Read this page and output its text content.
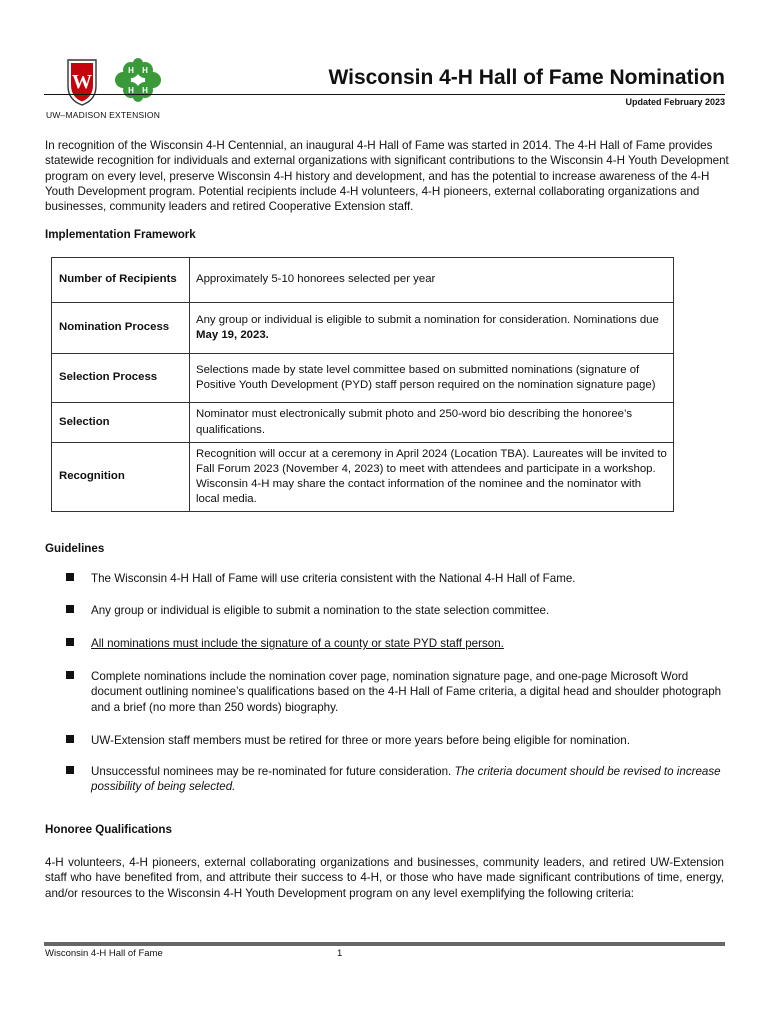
W
H H
H H
UW–MADISON EXTENSION
Wisconsin 4-H Hall of Fame Nomination
Updated February 2023
In recognition of the Wisconsin 4-H Centennial, an inaugural 4-H Hall of Fame was started in 2014. The 4-H Hall of Fame provides statewide recognition for individuals and external organizations with significant contributions to the Wisconsin 4-H Youth Development program on every level, preserve Wisconsin 4-H history and development, and has the potential to increase awareness of the 4-H Youth Development program. Potential recipients include 4-H volunteers, 4-H pioneers, external collaborating organizations and businesses, community leaders and retired Cooperative Extension staff.
Implementation Framework
Number of Recipients	Approximately 5-10 honorees selected per year
Nomination Process	Any group or individual is eligible to submit a nomination for consideration. Nominations due May 19, 2023.
Selection Process	Selections made by state level committee based on submitted nominations (signature of Positive Youth Development (PYD) staff person required on the nomination signature page)
Selection	Nominator must electronically submit photo and 250-word bio describing the honoree’s qualifications.
Recognition	Recognition will occur at a ceremony in April 2024 (Location TBA). Laureates will be invited to Fall Forum 2023 (November 4, 2023) to meet with attendees and participate in a workshop. Wisconsin 4-H may share the contact information of the nominee and the nominator with local media.
Guidelines
The Wisconsin 4-H Hall of Fame will use criteria consistent with the National 4-H Hall of Fame.
Any group or individual is eligible to submit a nomination to the state selection committee.
All nominations must include the signature of a county or state PYD staff person.
Complete nominations include the nomination cover page, nomination signature page, and one-page Microsoft Word document outlining nominee’s qualifications based on the 4-H Hall of Fame criteria, a digital head and shoulder photograph and a brief (no more than 250 words) biography.
UW-Extension staff members must be retired for three or more years before being eligible for nomination.
Unsuccessful nominees may be re-nominated for future consideration. The criteria document should be revised to increase possibility of being selected.
Honoree Qualifications
4-H volunteers, 4-H pioneers, external collaborating organizations and businesses, community leaders, and retired UW-Extension staff who have benefited from, and attribute their success to 4-H, or those who have made significant contributions of time, energy, and/or resources to the Wisconsin 4-H Youth Development program on any level exemplifying the following criteria:
Wisconsin 4-H Hall of Fame	1
